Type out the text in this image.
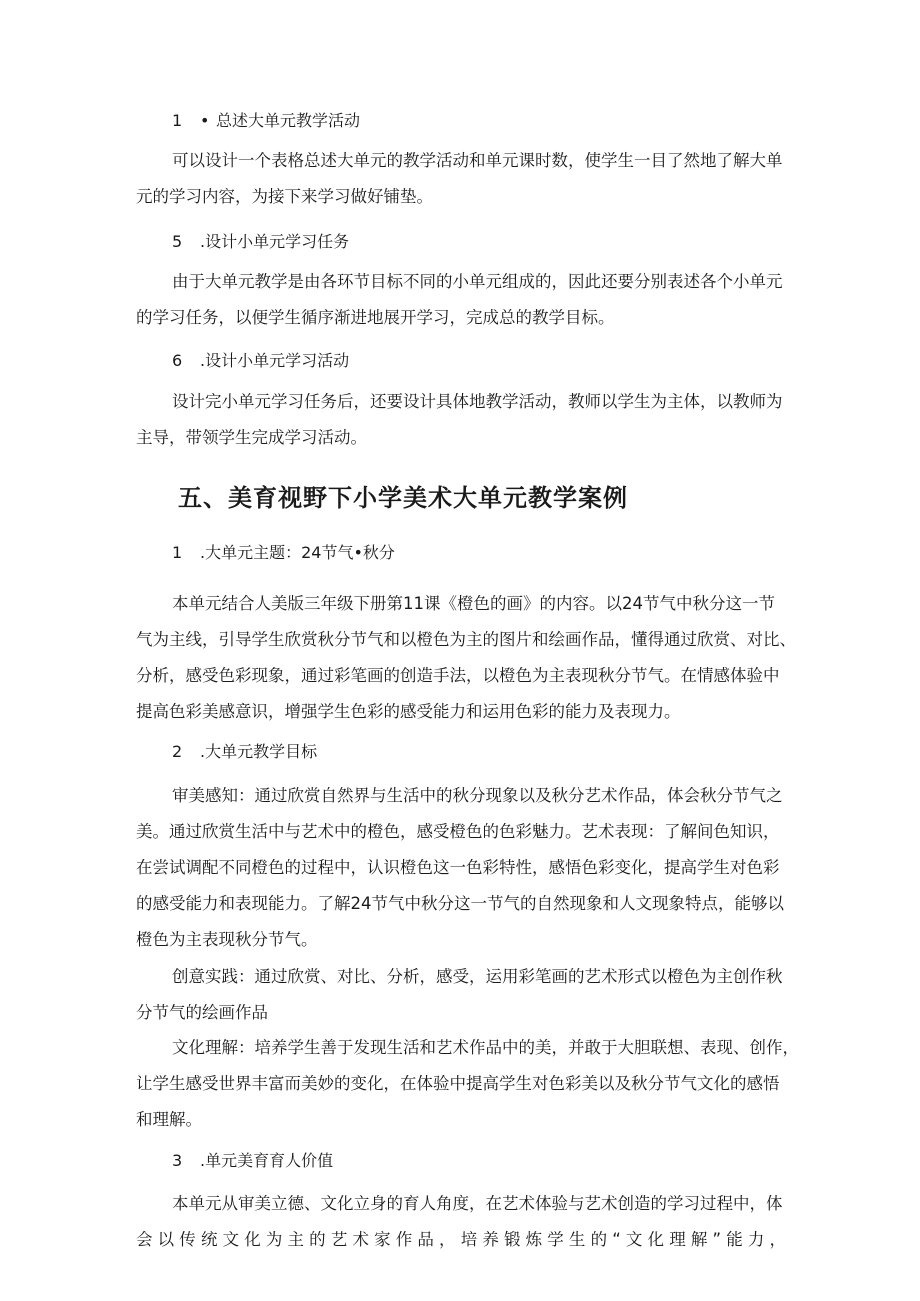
1 • 总述大单元教学活动
可以设计一个表格总述大单元的教学活动和单元课时数，使学生一目了然地了解大单
元的学习内容，为接下来学习做好铺垫。
5 .设计小单元学习任务
由于大单元教学是由各环节目标不同的小单元组成的，因此还要分别表述各个小单元
的学习任务，以便学生循序渐进地展开学习，完成总的教学目标。
6 .设计小单元学习活动
设计完小单元学习任务后，还要设计具体地教学活动，教师以学生为主体，以教师为
主导，带领学生完成学习活动。
五、美育视野下小学美术大单元教学案例
1 .大单元主题：24节气•秋分
本单元结合人美版三年级下册第11课《橙色的画》的内容。以24节气中秋分这一节
气为主线，引导学生欣赏秋分节气和以橙色为主的图片和绘画作品，懂得通过欣赏、对比、
分析，感受色彩现象，通过彩笔画的创造手法，以橙色为主表现秋分节气。在情感体验中
提高色彩美感意识，增强学生色彩的感受能力和运用色彩的能力及表现力。
2 .大单元教学目标
审美感知：通过欣赏自然界与生活中的秋分现象以及秋分艺术作品，体会秋分节气之
美。通过欣赏生活中与艺术中的橙色，感受橙色的色彩魅力。艺术表现：了解间色知识，
在尝试调配不同橙色的过程中，认识橙色这一色彩特性，感悟色彩变化，提高学生对色彩
的感受能力和表现能力。了解24节气中秋分这一节气的自然现象和人文现象特点，能够以
橙色为主表现秋分节气。
创意实践：通过欣赏、对比、分析，感受，运用彩笔画的艺术形式以橙色为主创作秋
分节气的绘画作品
文化理解：培养学生善于发现生活和艺术作品中的美，并敢于大胆联想、表现、创作，
让学生感受世界丰富而美妙的变化，在体验中提高学生对色彩美以及秋分节气文化的感悟
和理解。
3 .单元美育育人价值
本单元从审美立德、文化立身的育人角度，在艺术体验与艺术创造的学习过程中，体
会以传统文化为主的艺术家作品，培养锻炼学生的“文化理解”能力，
